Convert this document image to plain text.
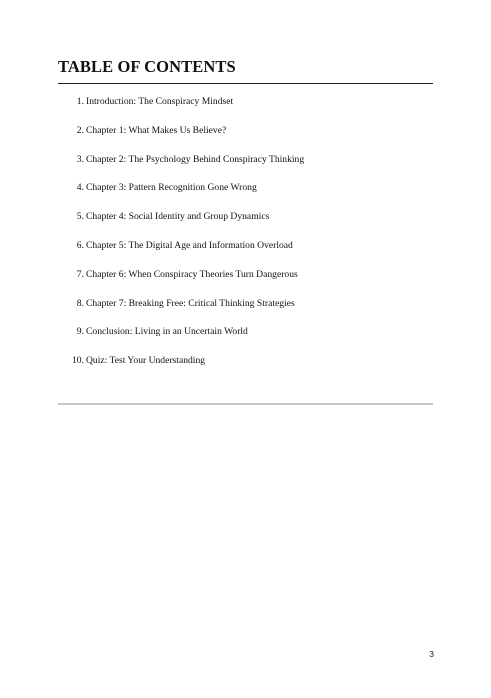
TABLE OF CONTENTS
1. Introduction: The Conspiracy Mindset
2. Chapter 1: What Makes Us Believe?
3. Chapter 2: The Psychology Behind Conspiracy Thinking
4. Chapter 3: Pattern Recognition Gone Wrong
5. Chapter 4: Social Identity and Group Dynamics
6. Chapter 5: The Digital Age and Information Overload
7. Chapter 6: When Conspiracy Theories Turn Dangerous
8. Chapter 7: Breaking Free: Critical Thinking Strategies
9. Conclusion: Living in an Uncertain World
10. Quiz: Test Your Understanding
3
